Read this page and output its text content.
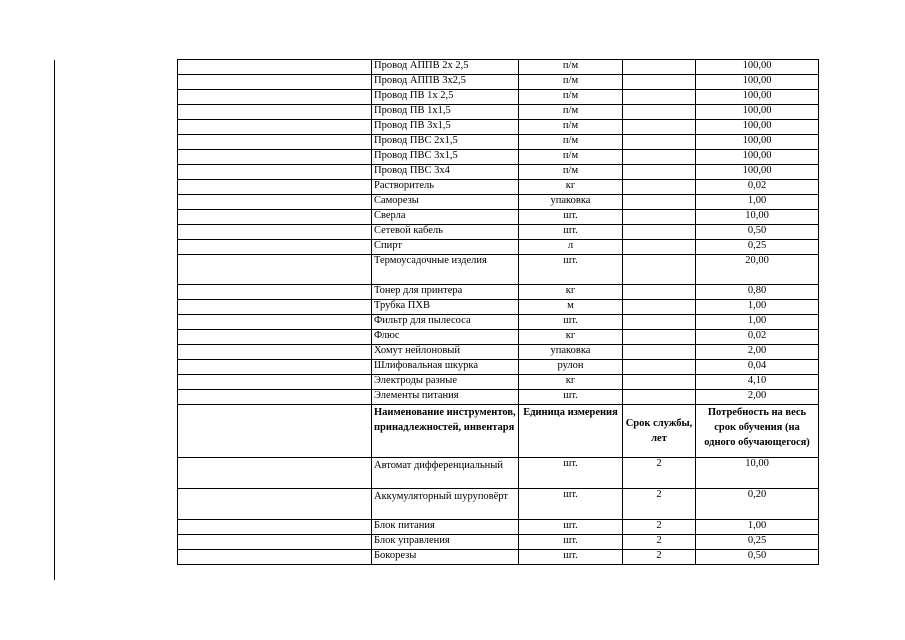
	Провод АППВ 2х 2,5	п/м		100,00
	Провод АППВ 3х2,5	п/м		100,00
	Провод ПВ 1х 2,5	п/м		100,00
	Провод ПВ 1х1,5	п/м		100,00
	Провод ПВ 3х1,5	п/м		100,00
	Провод ПВС 2х1,5	п/м		100,00
	Провод ПВС 3х1,5	п/м		100,00
	Провод ПВС 3х4	п/м		100,00
	Растворитель	кг		0,02
	Саморезы	упаковка		1,00
	Сверла	шт.		10,00
	Сетевой кабель	шт.		0,50
	Спирт	л		0,25
	Термоусадочные изделия	шт.		20,00
	Тонер для принтера	кг		0,80
	Трубка ПХВ	м		1,00
	Фильтр для пылесоса	шт.		1,00
	Флюс	кг		0,02
	Хомут нейлоновый	упаковка		2,00
	Шлифовальная шкурка	рулон		0,04
	Электроды разные	кг		4,10
	Элементы питания	шт.		2,00
	Наименование инструментов, принадлежностей, инвентаря	Единица измерения	Срок службы, лет	Потребность на весь срок обучения (на одного обучающегося)
	Автомат дифференциальный	шт.	2	10,00
	Аккумуляторный шуруповёрт	шт.	2	0,20
	Блок питания	шт.	2	1,00
	Блок управления	шт.	2	0,25
	Бокорезы	шт.	2	0,50
